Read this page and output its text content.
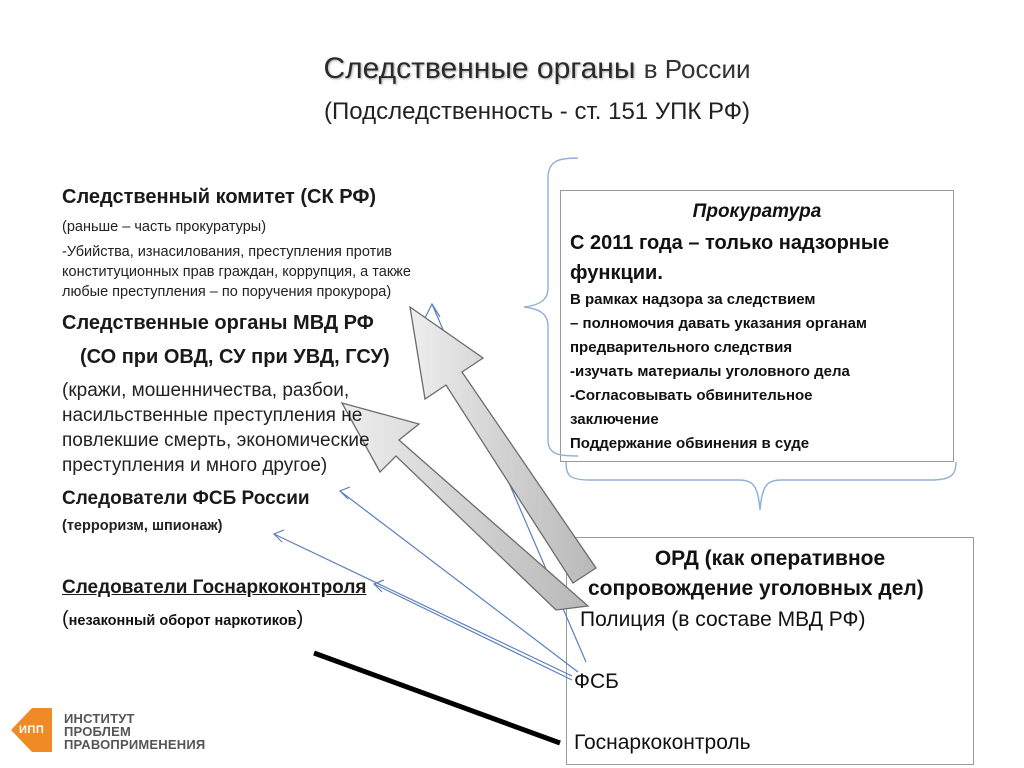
Следственные органы в России
(Подследственность - ст. 151 УПК РФ)
Следственный комитет (СК РФ)
(раньше – часть прокуратуры)
-Убийства, изнасилования, преступления против
конституционных прав граждан, коррупция, а также
любые преступления – по поручения прокурора)
Следственные органы МВД РФ
(СО при ОВД, СУ при УВД, ГСУ)
(кражи, мошенничества, разбои,
насильственные преступления не
повлекшие смерть, экономические
преступления и много другое)
Следователи ФСБ России
(терроризм, шпионаж)
Следователи Госнаркоконтроля
(незаконный оборот наркотиков)
Прокуратура
С 2011 года – только надзорные
функции.
В рамках надзора за следствием
– полномочия давать указания органам
предварительного следствия
-изучать материалы уголовного дела
-Согласовывать обвинительное
заключение
Поддержание обвинения в суде
ОРД (как оперативное
сопровождение уголовных дел)
Полиция (в составе МВД РФ)
ФСБ
Госнаркоконтроль
ИПП
ИНСТИТУТ
ПРОБЛЕМ
ПРАВОПРИМЕНЕНИЯ
